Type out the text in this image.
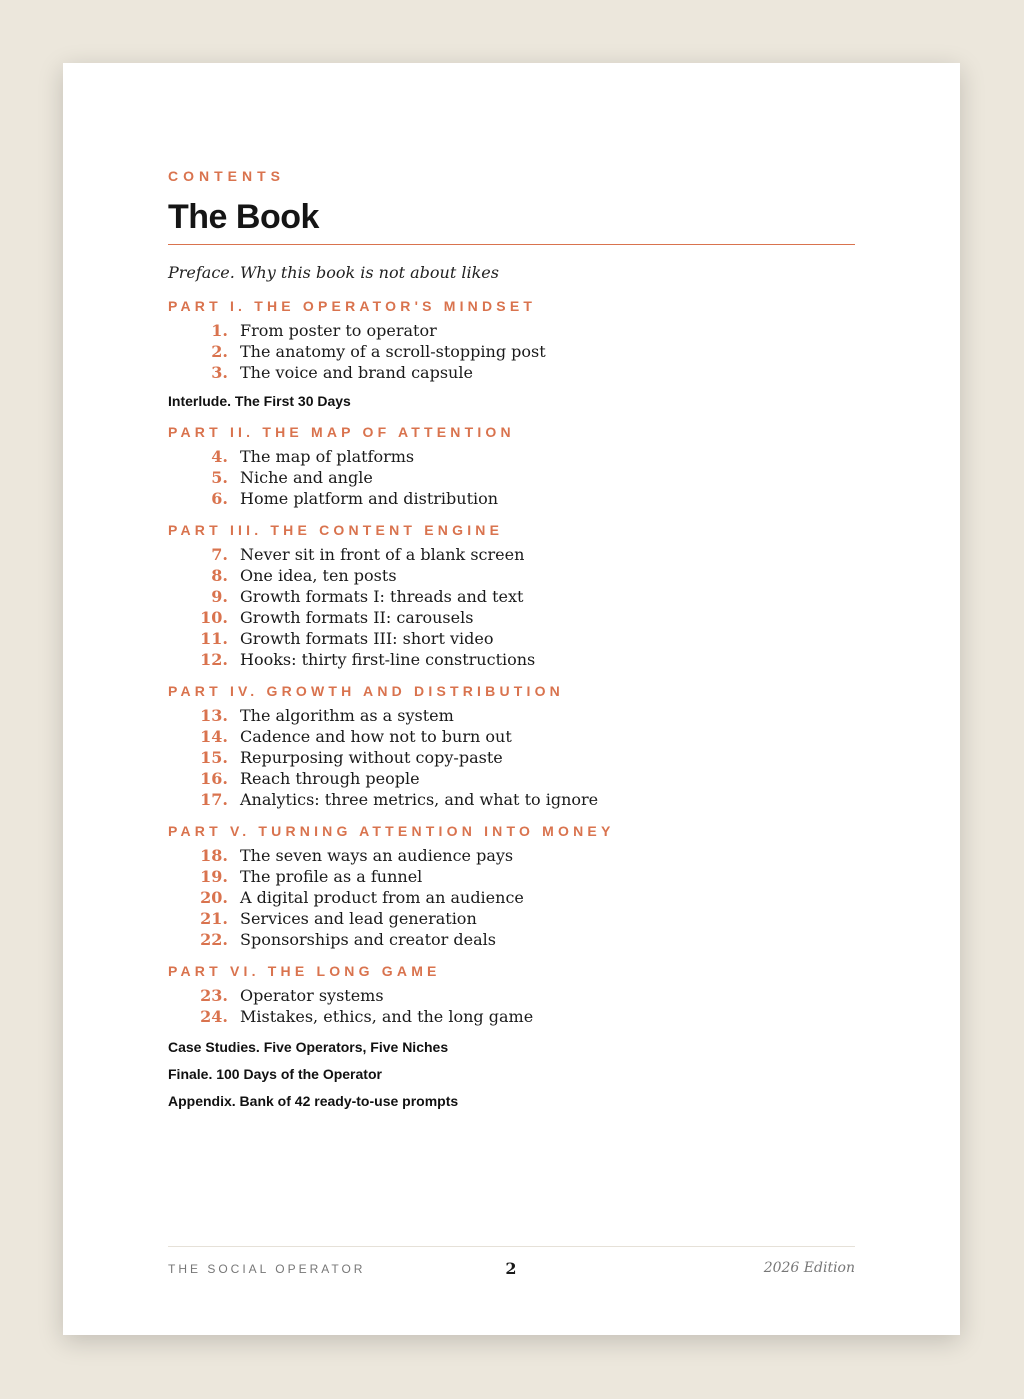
CONTENTS
The Book

Preface. Why this book is not about likes

PART I. THE OPERATOR'S MINDSET

1. From poster to operator
2. The anatomy of a scroll-stopping post
3. The voice and brand capsule

Interlude. The First 30 Days

PART II. THE MAP OF ATTENTION

4. The map of platforms
5. Niche and angle
6. Home platform and distribution

PART III. THE CONTENT ENGINE

7. Never sit in front of a blank screen
8. One idea, ten posts
9. Growth formats I: threads and text
10. Growth formats II: carousels
11. Growth formats III: short video
12. Hooks: thirty first-line constructions

PART IV. GROWTH AND DISTRIBUTION

13. The algorithm as a system
14. Cadence and how not to burn out
15. Repurposing without copy-paste
16. Reach through people
17. Analytics: three metrics, and what to ignore

PART V. TURNING ATTENTION INTO MONEY

18. The seven ways an audience pays
19. The profile as a funnel
20. A digital product from an audience
21. Services and lead generation
22. Sponsorships and creator deals

PART VI. THE LONG GAME

23. Operator systems
24. Mistakes, ethics, and the long game

Case Studies. Five Operators, Five Niches

Finale. 100 Days of the Operator

Appendix. Bank of 42 ready-to-use prompts

THE SOCIAL OPERATOR	2	2026 Edition
